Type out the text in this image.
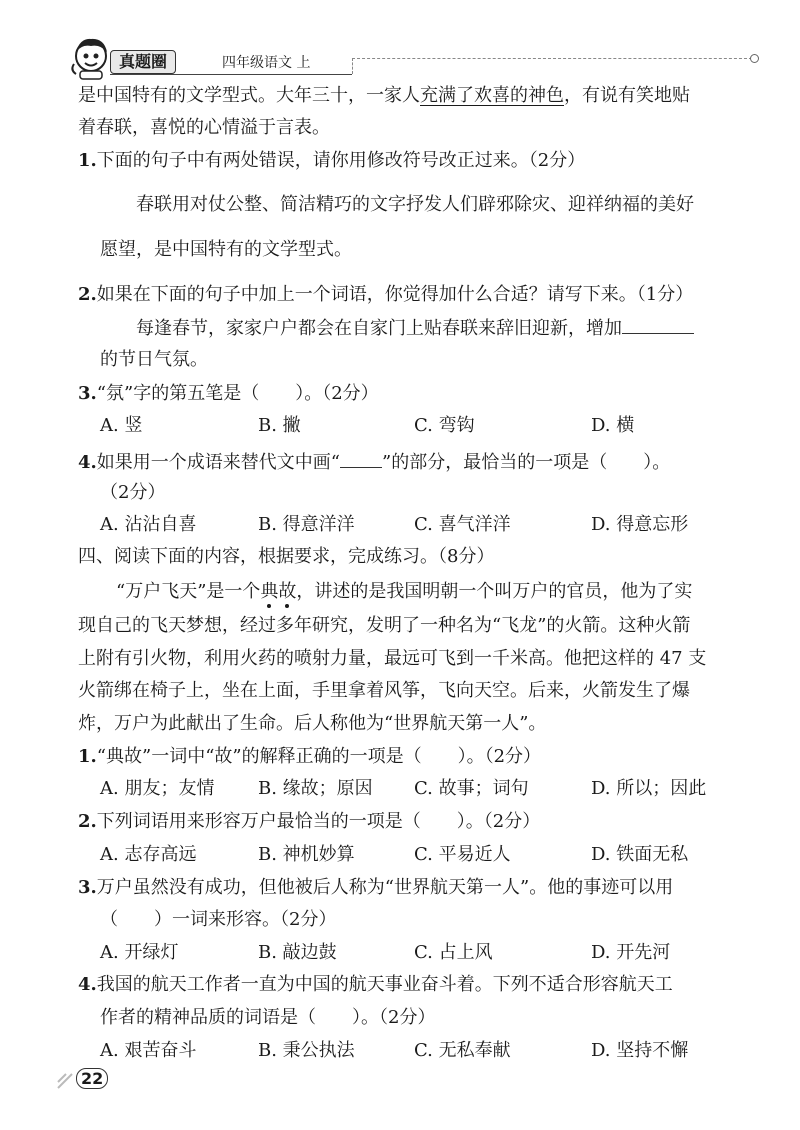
真题圈	四年级语文 上
是中国特有的文学型式。大年三十，一家人充满了欢喜的神色，有说有笑地贴
着春联，喜悦的心情溢于言表。
1.下面的句子中有两处错误，请你用修改符号改正过来。（2分）
春联用对仗公整、简洁精巧的文字抒发人们辟邪除灾、迎祥纳福的美好
愿望，是中国特有的文学型式。
2.如果在下面的句子中加上一个词语，你觉得加什么合适？请写下来。（1分）
每逢春节，家家户户都会在自家门上贴春联来辞旧迎新，增加
的节日气氛。
3.“氛”字的第五笔是（　　）。（2分）
A. 竖	B. 撇	C. 弯钩	D. 横
4.如果用一个成语来替代文中画“ ”的部分，最恰当的一项是（　　）。
（2分）
A. 沾沾自喜	B. 得意洋洋	C. 喜气洋洋	D. 得意忘形
四、阅读下面的内容，根据要求，完成练习。（8分）
“万户飞天”是一个典故，讲述的是我国明朝一个叫万户的官员，他为了实
现自己的飞天梦想，经过多年研究，发明了一种名为“飞龙”的火箭。这种火箭
上附有引火物，利用火药的喷射力量，最远可飞到一千米高。他把这样的 47 支
火箭绑在椅子上，坐在上面，手里拿着风筝，飞向天空。后来，火箭发生了爆
炸，万户为此献出了生命。后人称他为“世界航天第一人”。
1.“典故”一词中“故”的解释正确的一项是（　　）。（2分）
A. 朋友；友情 B. 缘故；原因 C. 故事；词句	D. 所以；因此
2.下列词语用来形容万户最恰当的一项是（　　）。（2分）
A. 志存高远	B. 神机妙算	C. 平易近人	D. 铁面无私
3.万户虽然没有成功，但他被后人称为“世界航天第一人”。他的事迹可以用
（　　）一词来形容。（2分）
A. 开绿灯	B. 敲边鼓	C. 占上风	D. 开先河
4.我国的航天工作者一直为中国的航天事业奋斗着。下列不适合形容航天工
作者的精神品质的词语是（　　）。（2分）
A. 艰苦奋斗	B. 秉公执法	C. 无私奉献	D. 坚持不懈
22
